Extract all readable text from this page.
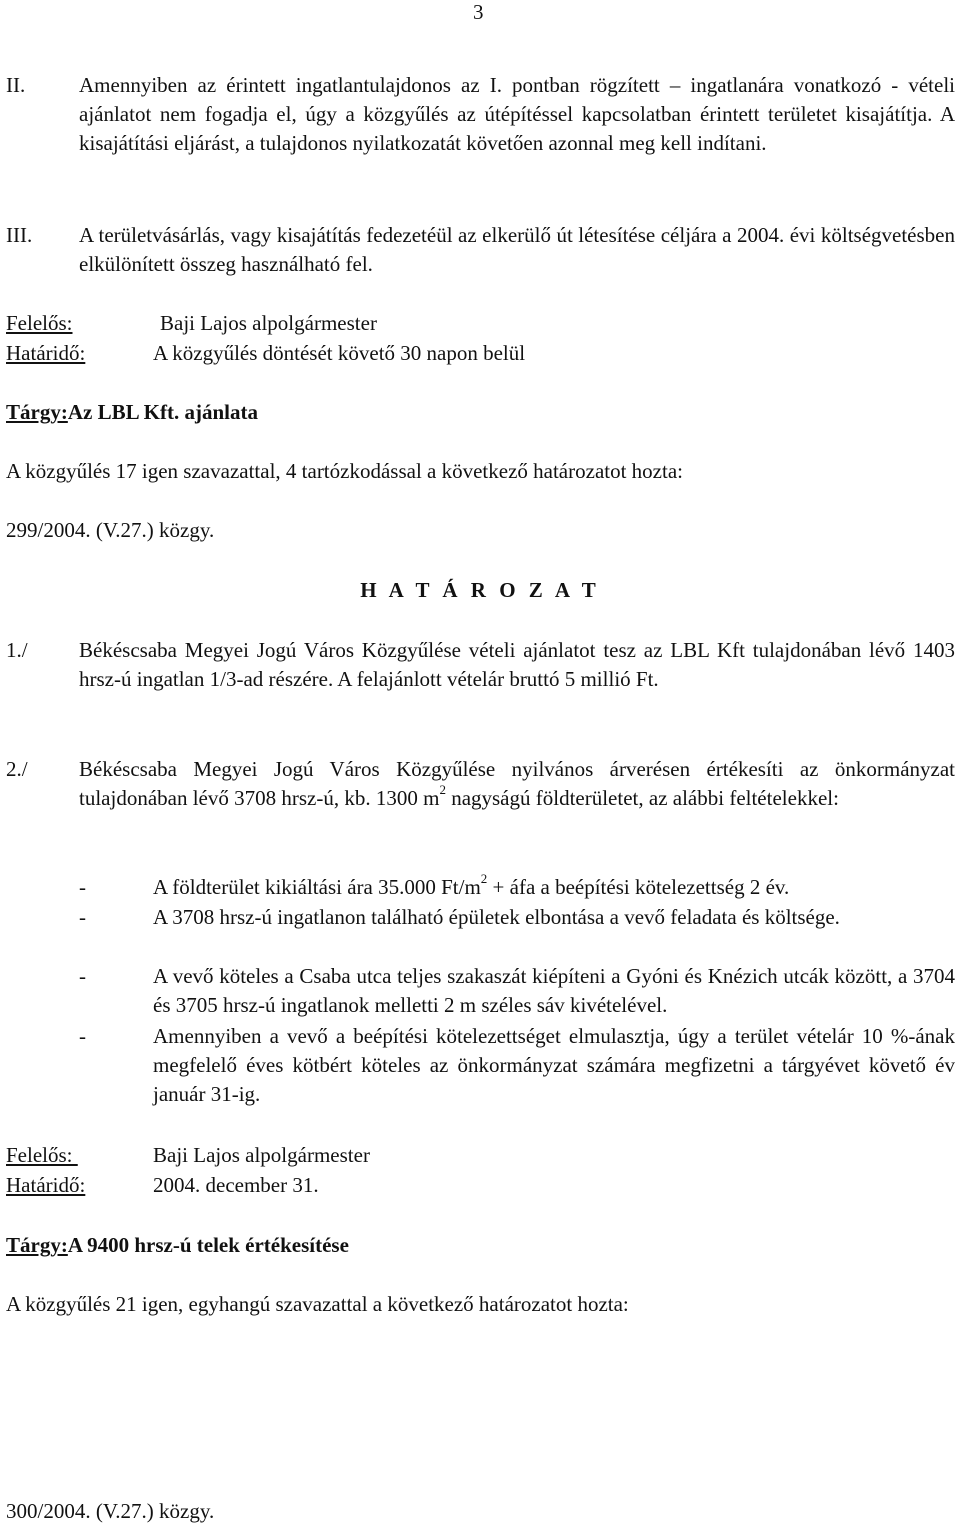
3
II.	Amennyiben az érintett ingatlantulajdonos az I. pontban rögzített – ingatlanára vonatkozó - vételi ajánlatot nem fogadja el, úgy a közgyűlés az útépítéssel kapcsolatban érintett területet kisajátítja. A kisajátítási eljárást, a tulajdonos nyilatkozatát követően azonnal meg kell indítani.
III. A területvásárlás, vagy kisajátítás fedezetéül az elkerülő út létesítése céljára a 2004. évi költségvetésben elkülönített összeg használható fel.
Felelős:	Baji Lajos alpolgármester
Határidő:	A közgyűlés döntését követő 30 napon belül
Tárgy:Az LBL Kft. ajánlata
A közgyűlés 17 igen szavazattal, 4 tartózkodással a következő határozatot hozta:
299/2004. (V.27.) közgy.
H A T Á R O Z A T
1./ Békéscsaba Megyei Jogú Város Közgyűlése vételi ajánlatot tesz az LBL Kft tulajdonában lévő 1403 hrsz-ú ingatlan 1/3-ad részére. A felajánlott vételár bruttó 5 millió Ft.
2./ Békéscsaba Megyei Jogú Város Közgyűlése nyilvános árverésen értékesíti az önkormányzat tulajdonában lévő 3708 hrsz-ú, kb. 1300 $m^2$ nagyságú földterületet, az alábbi feltételekkel:
-	A földterület kikiáltási ára 35.000 $Ft/m^2$ + áfa a beépítési kötelezettség 2 év.
-	A 3708 hrsz-ú ingatlanon található épületek elbontása a vevő feladata és költsége.
-	A vevő köteles a Csaba utca teljes szakaszát kiépíteni a Gyóni és Knézich utcák között, a 3704 és 3705 hrsz-ú ingatlanok melletti 2 m széles sáv kivételével.
-	Amennyiben a vevő a beépítési kötelezettséget elmulasztja, úgy a terület vételár 10 %-ának megfelelő éves kötbért köteles az önkormányzat számára megfizetni a tárgyévet követő év január 31-ig.
Felelős:	Baji Lajos alpolgármester
Határidő:	2004. december 31.
Tárgy:A 9400 hrsz-ú telek értékesítése
A közgyűlés 21 igen, egyhangú szavazattal a következő határozatot hozta:
300/2004. (V.27.) közgy.
